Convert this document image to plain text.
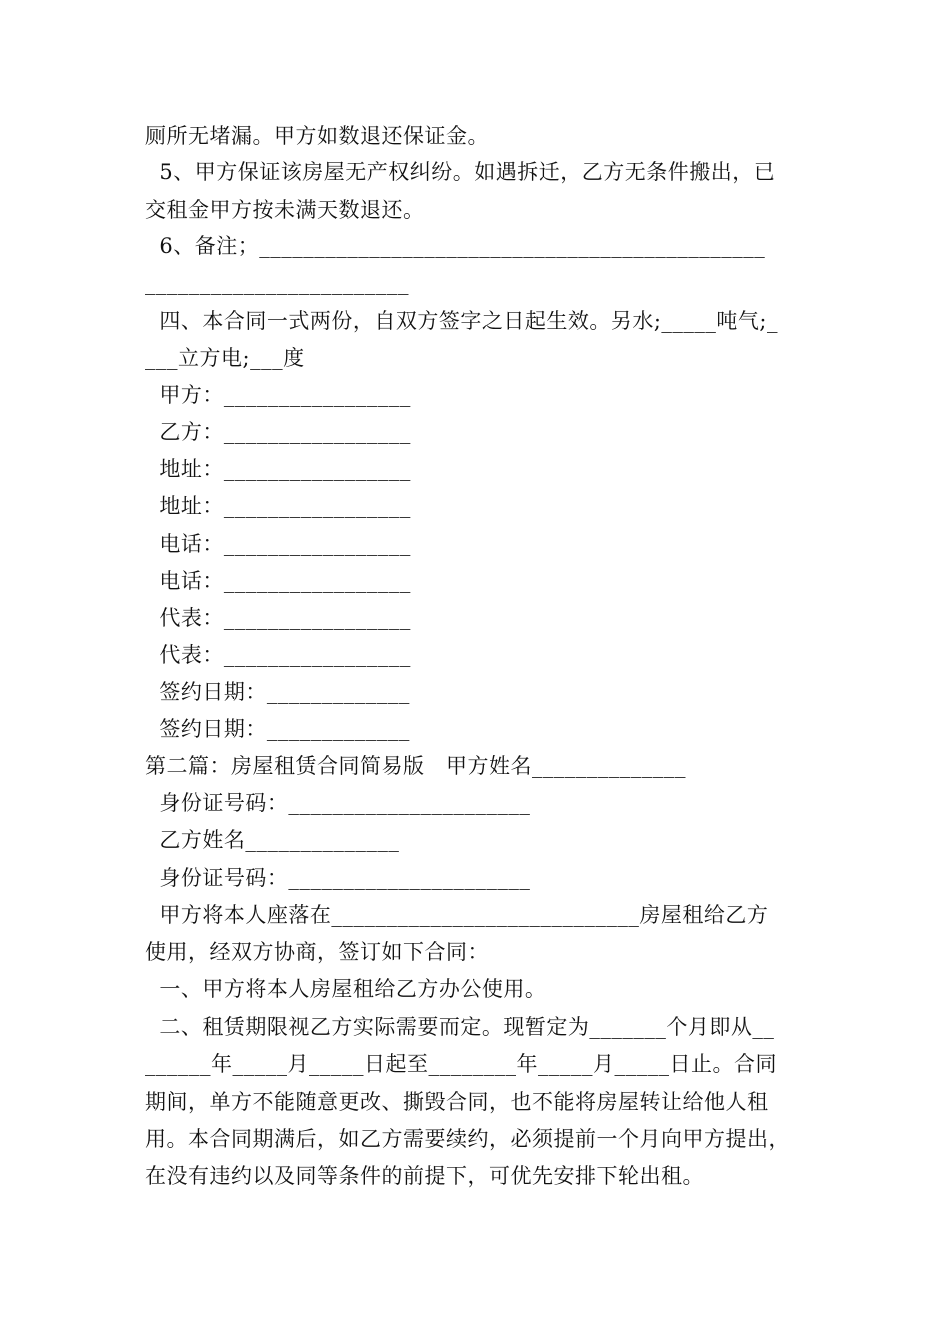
厕所无堵漏。甲方如数退还保证金。

5、甲方保证该房屋无产权纠纷。如遇拆迁，乙方无条件搬出，已

交租金甲方按未满天数退还。

6、备注；______________________________________________

________________________

四、本合同一式两份，自双方签字之日起生效。另水;_____吨气;_

___立方电;___度

甲方：_________________

乙方：_________________

地址：_________________

地址：_________________

电话：_________________

电话：_________________

代表：_________________

代表：_________________

签约日期：_____________

签约日期：_____________

第二篇：房屋租赁合同简易版   甲方姓名______________

身份证号码：______________________

乙方姓名______________

身份证号码：______________________

甲方将本人座落在____________________________房屋租给乙方

使用，经双方协商，签订如下合同：

一、甲方将本人房屋租给乙方办公使用。

二、租赁期限视乙方实际需要而定。现暂定为_______个月即从__

______年_____月_____日起至________年_____月_____日止。合同

期间，单方不能随意更改、撕毁合同，也不能将房屋转让给他人租

用。本合同期满后，如乙方需要续约，必须提前一个月向甲方提出，

在没有违约以及同等条件的前提下，可优先安排下轮出租。
